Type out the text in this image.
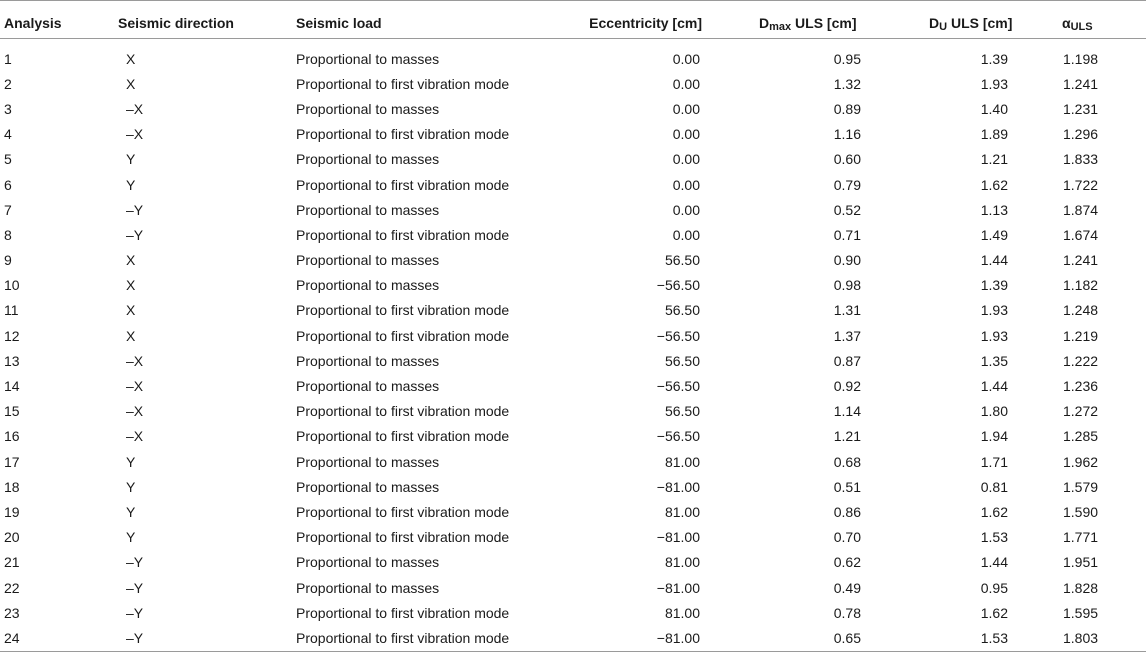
Analysis	Seismic direction	Seismic load	Eccentricity [cm]	$D_{max}$ ULS [cm]	$D_U$ ULS [cm]	$\alpha_{ULS}$
1	X	Proportional to masses	0.00	0.95	1.39	1.198
2	X	Proportional to first vibration mode	0.00	1.32	1.93	1.241
3	–X	Proportional to masses	0.00	0.89	1.40	1.231
4	–X	Proportional to first vibration mode	0.00	1.16	1.89	1.296
5	Y	Proportional to masses	0.00	0.60	1.21	1.833
6	Y	Proportional to first vibration mode	0.00	0.79	1.62	1.722
7	–Y	Proportional to masses	0.00	0.52	1.13	1.874
8	–Y	Proportional to first vibration mode	0.00	0.71	1.49	1.674
9	X	Proportional to masses	56.50	0.90	1.44	1.241
10	X	Proportional to masses	−56.50	0.98	1.39	1.182
11	X	Proportional to first vibration mode	56.50	1.31	1.93	1.248
12	X	Proportional to first vibration mode	−56.50	1.37	1.93	1.219
13	–X	Proportional to masses	56.50	0.87	1.35	1.222
14	–X	Proportional to masses	−56.50	0.92	1.44	1.236
15	–X	Proportional to first vibration mode	56.50	1.14	1.80	1.272
16	–X	Proportional to first vibration mode	−56.50	1.21	1.94	1.285
17	Y	Proportional to masses	81.00	0.68	1.71	1.962
18	Y	Proportional to masses	−81.00	0.51	0.81	1.579
19	Y	Proportional to first vibration mode	81.00	0.86	1.62	1.590
20	Y	Proportional to first vibration mode	−81.00	0.70	1.53	1.771
21	–Y	Proportional to masses	81.00	0.62	1.44	1.951
22	–Y	Proportional to masses	−81.00	0.49	0.95	1.828
23	–Y	Proportional to first vibration mode	81.00	0.78	1.62	1.595
24	–Y	Proportional to first vibration mode	−81.00	0.65	1.53	1.803
